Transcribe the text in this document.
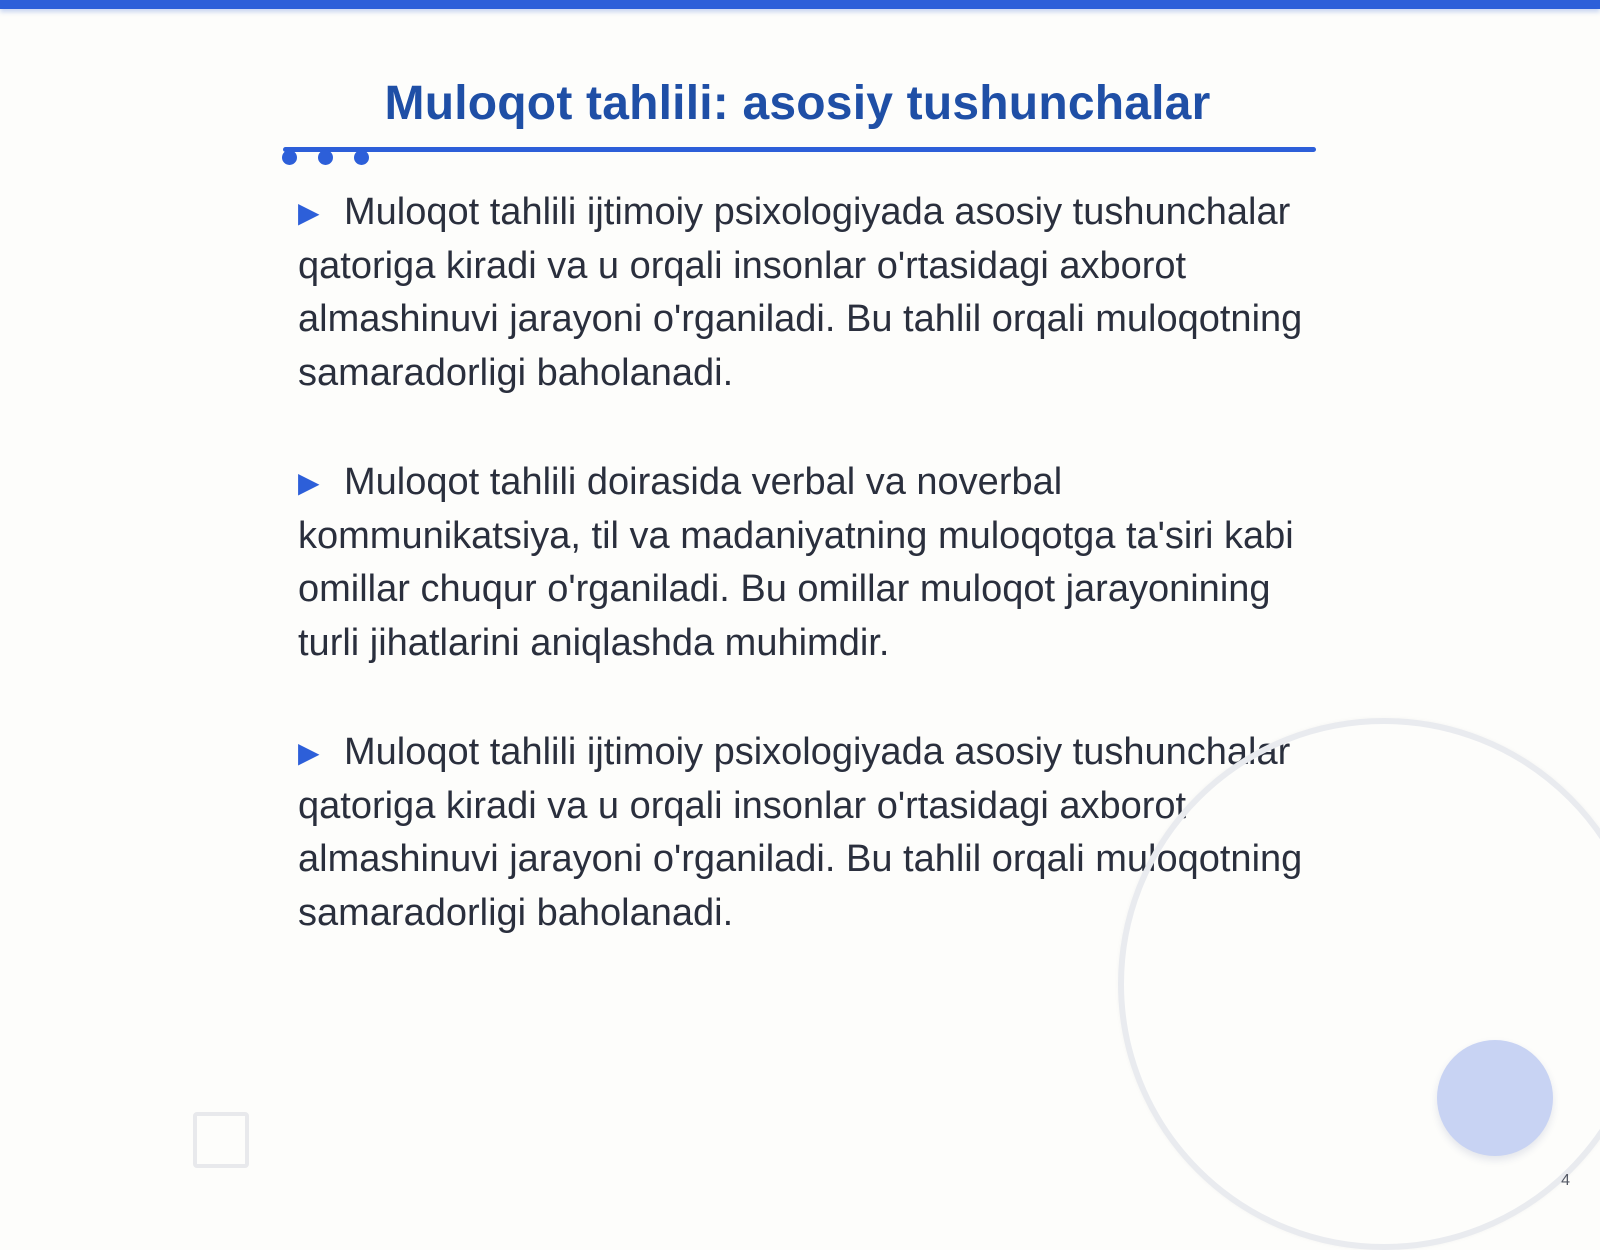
Muloqot tahlili: asosiy tushunchalar

▶ Muloqot tahlili ijtimoiy psixologiyada asosiy tushunchalar qatoriga kiradi va u orqali insonlar o'rtasidagi axborot almashinuvi jarayoni o'rganiladi. Bu tahlil orqali muloqotning samaradorligi baholanadi.

▶ Muloqot tahlili doirasida verbal va noverbal kommunikatsiya, til va madaniyatning muloqotga ta'siri kabi omillar chuqur o'rganiladi. Bu omillar muloqot jarayonining turli jihatlarini aniqlashda muhimdir.

▶ Muloqot tahlili ijtimoiy psixologiyada asosiy tushunchalar qatoriga kiradi va u orqali insonlar o'rtasidagi axborot almashinuvi jarayoni o'rganiladi. Bu tahlil orqali muloqotning samaradorligi baholanadi.

4
